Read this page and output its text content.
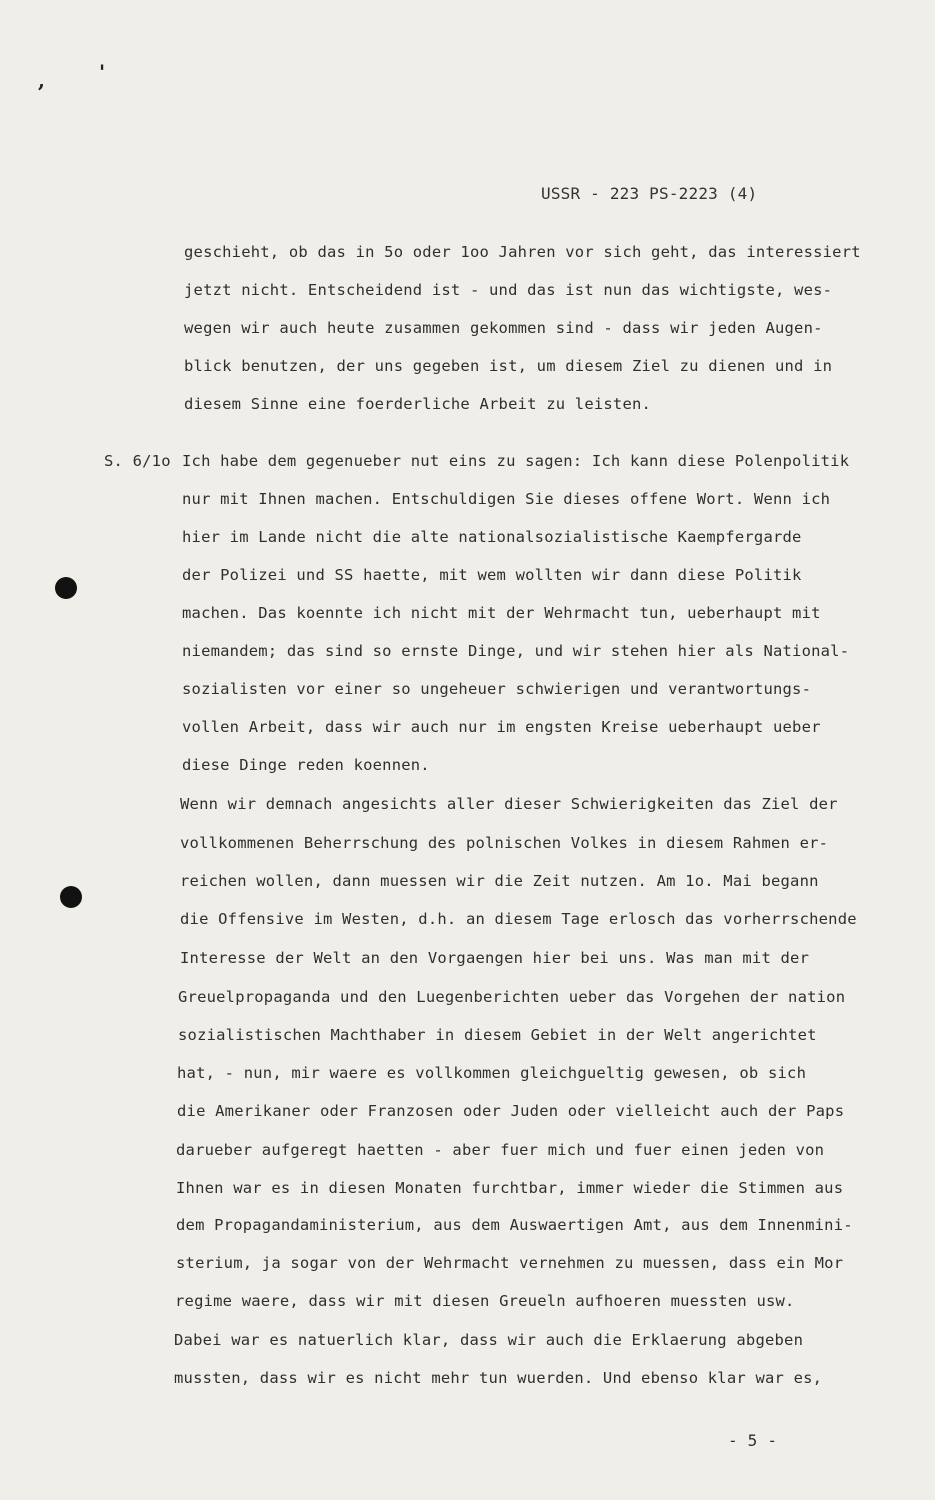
,	'
USSR - 223 PS-2223 (4)
S. 6/1o
geschieht, ob das in 5o oder 1oo Jahren vor sich geht, das interessiert
jetzt nicht. Entscheidend ist - und das ist nun das wichtigste, wes-
wegen wir auch heute zusammen gekommen sind - dass wir jeden Augen-
blick benutzen, der uns gegeben ist, um diesem Ziel zu dienen und in
diesem Sinne eine foerderliche Arbeit zu leisten.
Ich habe dem gegenueber nut eins zu sagen: Ich kann diese Polenpolitik
nur mit Ihnen machen. Entschuldigen Sie dieses offene Wort. Wenn ich
hier im Lande nicht die alte nationalsozialistische Kaempfergarde
der Polizei und SS haette, mit wem wollten wir dann diese Politik
machen. Das koennte ich nicht mit der Wehrmacht tun, ueberhaupt mit
niemandem; das sind so ernste Dinge, und wir stehen hier als National-
sozialisten vor einer so ungeheuer schwierigen und verantwortungs-
vollen Arbeit, dass wir auch nur im engsten Kreise ueberhaupt ueber
diese Dinge reden koennen.
Wenn wir demnach angesichts aller dieser Schwierigkeiten das Ziel der
vollkommenen Beherrschung des polnischen Volkes in diesem Rahmen er-
reichen wollen, dann muessen wir die Zeit nutzen. Am 1o. Mai begann
die Offensive im Westen, d.h. an diesem Tage erlosch das vorherrschende
Interesse der Welt an den Vorgaengen hier bei uns. Was man mit der
Greuelpropaganda und den Luegenberichten ueber das Vorgehen der nation
sozialistischen Machthaber in diesem Gebiet in der Welt angerichtet
hat, - nun, mir waere es vollkommen gleichgueltig gewesen, ob sich
die Amerikaner oder Franzosen oder Juden oder vielleicht auch der Paps
darueber aufgeregt haetten - aber fuer mich und fuer einen jeden von
Ihnen war es in diesen Monaten furchtbar, immer wieder die Stimmen aus
dem Propagandaministerium, aus dem Auswaertigen Amt, aus dem Innenmini-
sterium, ja sogar von der Wehrmacht vernehmen zu muessen, dass ein Mor
regime waere, dass wir mit diesen Greueln aufhoeren muessten usw.
Dabei war es natuerlich klar, dass wir auch die Erklaerung abgeben
mussten, dass wir es nicht mehr tun wuerden. Und ebenso klar war es,
- 5 -
